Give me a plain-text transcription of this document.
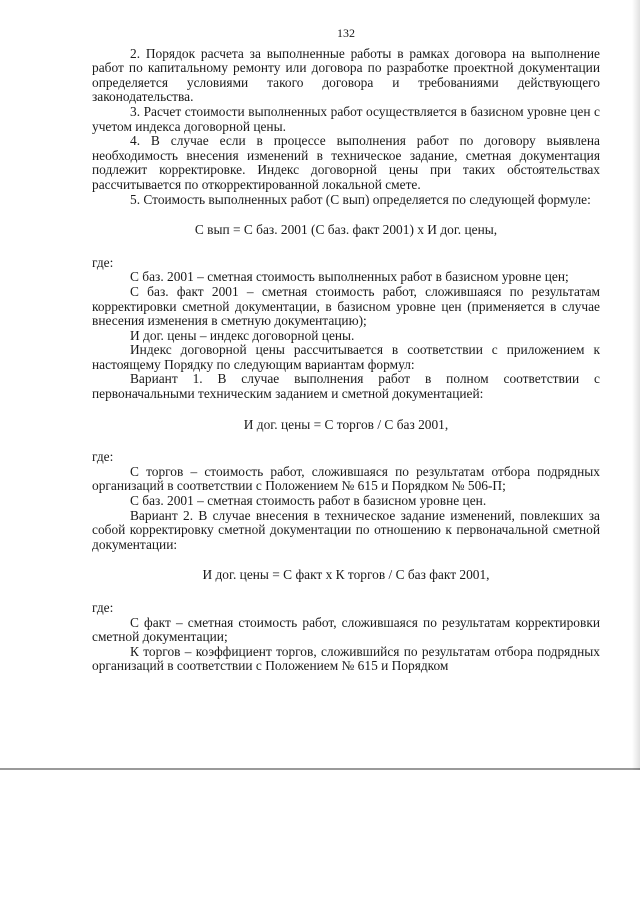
132

2. Порядок расчета за выполненные работы в рамках договора на выполнение работ по капитальному ремонту или договора по разработке проектной документации определяется условиями такого договора и требованиями действующего законодательства.

3. Расчет стоимости выполненных работ осуществляется в базисном уровне цен с учетом индекса договорной цены.

4. В случае если в процессе выполнения работ по договору выявлена необходимость внесения изменений в техническое задание, сметная документация подлежит корректировке. Индекс договорной цены при таких обстоятельствах рассчитывается по откорректированной локальной смете.

5. Стоимость выполненных работ (С вып) определяется по следующей формуле:

С вып = С баз. 2001 (С баз. факт 2001) х И дог. цены,

где:

С баз. 2001 – сметная стоимость выполненных работ в базисном уровне цен;

С баз. факт 2001 – сметная стоимость работ, сложившаяся по результатам корректировки сметной документации, в базисном уровне цен (применяется в случае внесения изменения в сметную документацию);

И дог. цены – индекс договорной цены.

Индекс договорной цены рассчитывается в соответствии с приложением к настоящему Порядку по следующим вариантам формул:

Вариант 1. В случае выполнения работ в полном соответствии с первоначальными техническим заданием и сметной документацией:

И дог. цены = С торгов / С баз 2001,

где:

С торгов – стоимость работ, сложившаяся по результатам отбора подрядных организаций в соответствии с Положением № 615 и Порядком № 506-П;

С баз. 2001 – сметная стоимость работ в базисном уровне цен.

Вариант 2. В случае внесения в техническое задание изменений, повлекших за собой корректировку сметной документации по отношению к первоначальной сметной документации:

И дог. цены = С факт х К торгов / С баз факт 2001,

где:

С факт – сметная стоимость работ, сложившаяся по результатам корректировки сметной документации;

К торгов – коэффициент торгов, сложившийся по результатам отбора подрядных организаций в соответствии с Положением № 615 и Порядком
